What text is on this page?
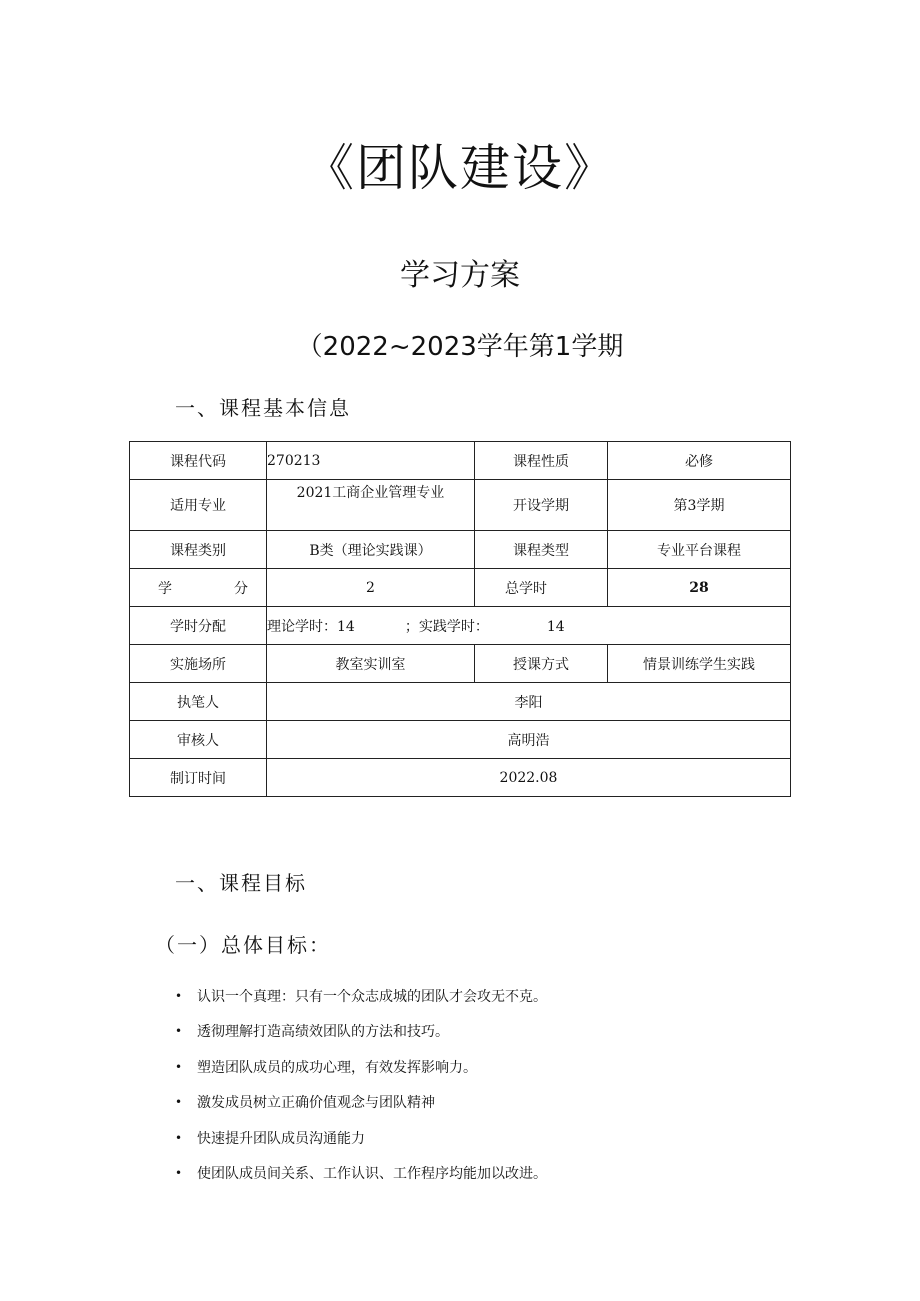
《团队建设》
学习方案
（2022~2023学年第1学期
一、课程基本信息
课程代码	270213	课程性质	必修
适用专业	2021工商企业管理专业	开设学期	第3学期
课程类别	B类（理论实践课）	课程类型	专业平台课程

学 分	2	总学时	28
学时分配	理论学时：14 ；实践学时： 14		
实施场所	教室实训室	授课方式	情景训练学生实践
执笔人	李阳		
审核人	高明浩		
制订时间	2022.08		
一、课程目标
（一）总体目标：
•	认识一个真理：只有一个众志成城的团队才会攻无不克。
•	透彻理解打造高绩效团队的方法和技巧。
•	塑造团队成员的成功心理，有效发挥影响力。
•	激发成员树立正确价值观念与团队精神
•	快速提升团队成员沟通能力
•	使团队成员间关系、工作认识、工作程序均能加以改进。
